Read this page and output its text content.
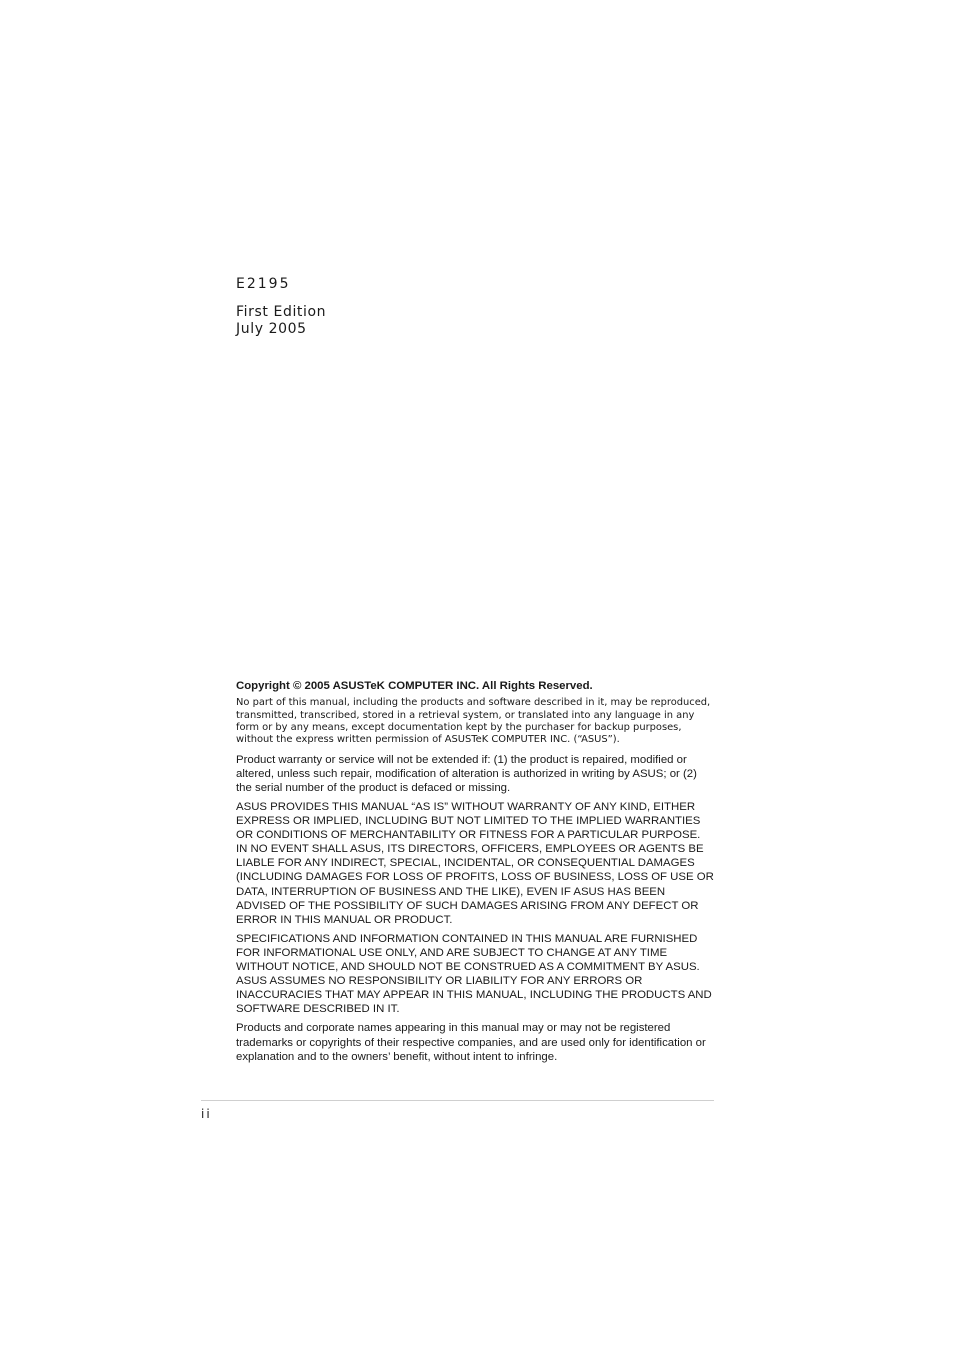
E2195

First Edition

July 2005

Copyright © 2005 ASUSTeK COMPUTER INC. All Rights Reserved.

No part of this manual, including the products and software described in it, may be reproduced, transmitted, transcribed, stored in a retrieval system, or translated into any language in any form or by any means, except documentation kept by the purchaser for backup purposes, without the express written permission of ASUSTeK COMPUTER INC. (“ASUS”).

Product warranty or service will not be extended if: (1) the product is repaired, modified or altered, unless such repair, modification of alteration is authorized in writing by ASUS; or (2) the serial number of the product is defaced or missing.

ASUS PROVIDES THIS MANUAL “AS IS” WITHOUT WARRANTY OF ANY KIND, EITHER EXPRESS OR IMPLIED, INCLUDING BUT NOT LIMITED TO THE IMPLIED WARRANTIES OR CONDITIONS OF MERCHANTABILITY OR FITNESS FOR A PARTICULAR PURPOSE. IN NO EVENT SHALL ASUS, ITS DIRECTORS, OFFICERS, EMPLOYEES OR AGENTS BE LIABLE FOR ANY INDIRECT, SPECIAL, INCIDENTAL, OR CONSEQUENTIAL DAMAGES (INCLUDING DAMAGES FOR LOSS OF PROFITS, LOSS OF BUSINESS, LOSS OF USE OR DATA, INTERRUPTION OF BUSINESS AND THE LIKE), EVEN IF ASUS HAS BEEN ADVISED OF THE POSSIBILITY OF SUCH DAMAGES ARISING FROM ANY DEFECT OR ERROR IN THIS MANUAL OR PRODUCT.

SPECIFICATIONS AND INFORMATION CONTAINED IN THIS MANUAL ARE FURNISHED FOR INFORMATIONAL USE ONLY, AND ARE SUBJECT TO CHANGE AT ANY TIME WITHOUT NOTICE, AND SHOULD NOT BE CONSTRUED AS A COMMITMENT BY ASUS. ASUS ASSUMES NO RESPONSIBILITY OR LIABILITY FOR ANY ERRORS OR INACCURACIES THAT MAY APPEAR IN THIS MANUAL, INCLUDING THE PRODUCTS AND SOFTWARE DESCRIBED IN IT.

Products and corporate names appearing in this manual may or may not be registered trademarks or copyrights of their respective companies, and are used only for identification or explanation and to the owners’ benefit, without intent to infringe.

ii
